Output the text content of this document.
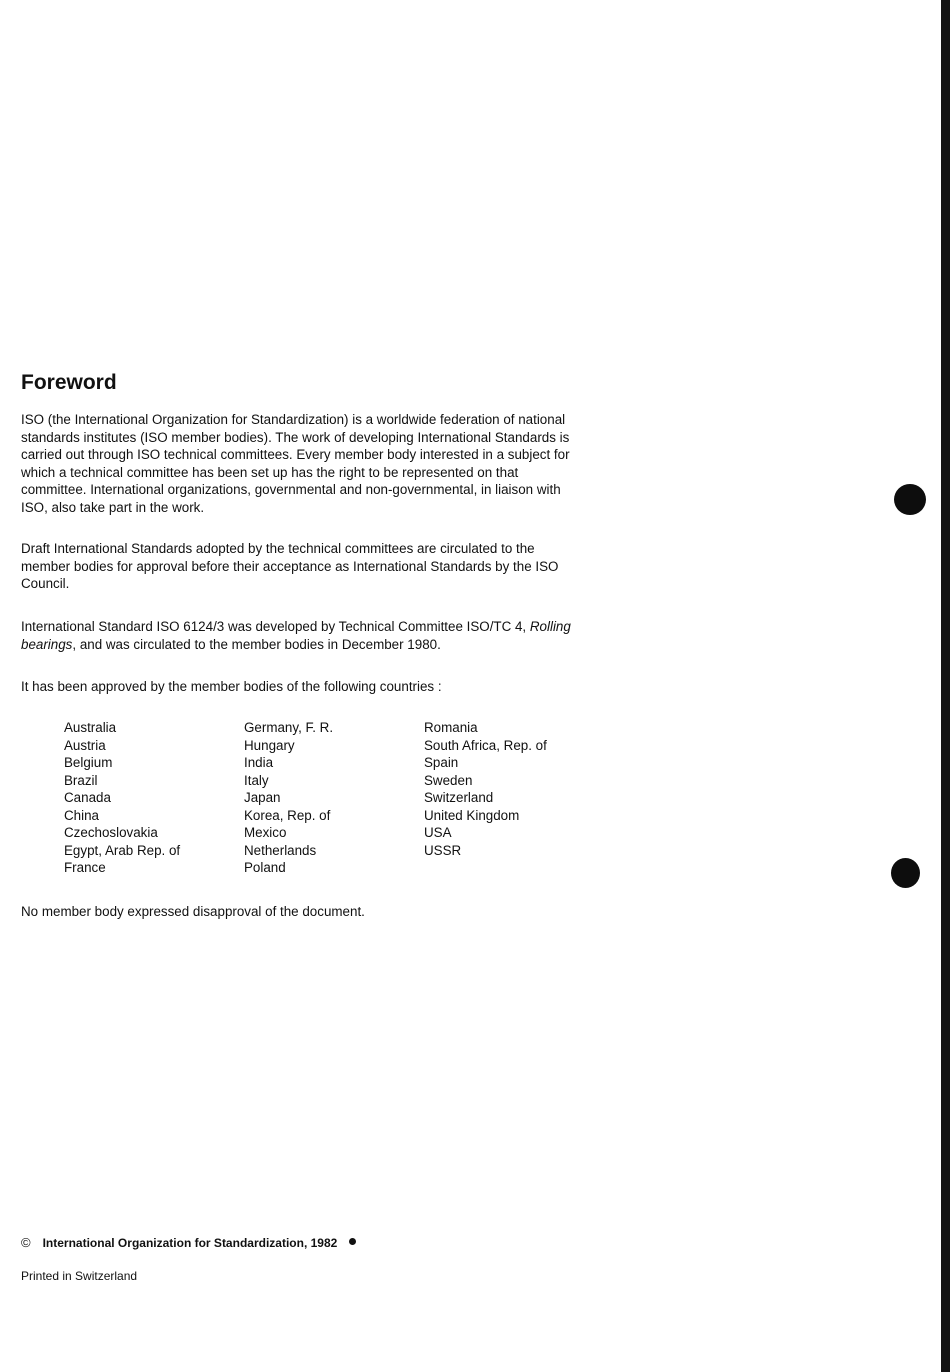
Foreword

ISO (the International Organization for Standardization) is a worldwide federation of national standards institutes (ISO member bodies). The work of developing International Standards is carried out through ISO technical committees. Every member body interested in a subject for which a technical committee has been set up has the right to be represented on that committee. International organizations, governmental and non-governmental, in liaison with ISO, also take part in the work.

Draft International Standards adopted by the technical committees are circulated to the member bodies for approval before their acceptance as International Standards by the ISO Council.

International Standard ISO 6124/3 was developed by Technical Committee ISO/TC 4, Rolling bearings, and was circulated to the member bodies in December 1980.

It has been approved by the member bodies of the following countries :

Australia
Austria
Belgium
Brazil
Canada
China
Czechoslovakia
Egypt, Arab Rep. of
France
Germany, F. R.
Hungary
India
Italy
Japan
Korea, Rep. of
Mexico
Netherlands
Poland
Romania
South Africa, Rep. of
Spain
Sweden
Switzerland
United Kingdom
USA
USSR

No member body expressed disapproval of the document.

© International Organization for Standardization, 1982
Printed in Switzerland
